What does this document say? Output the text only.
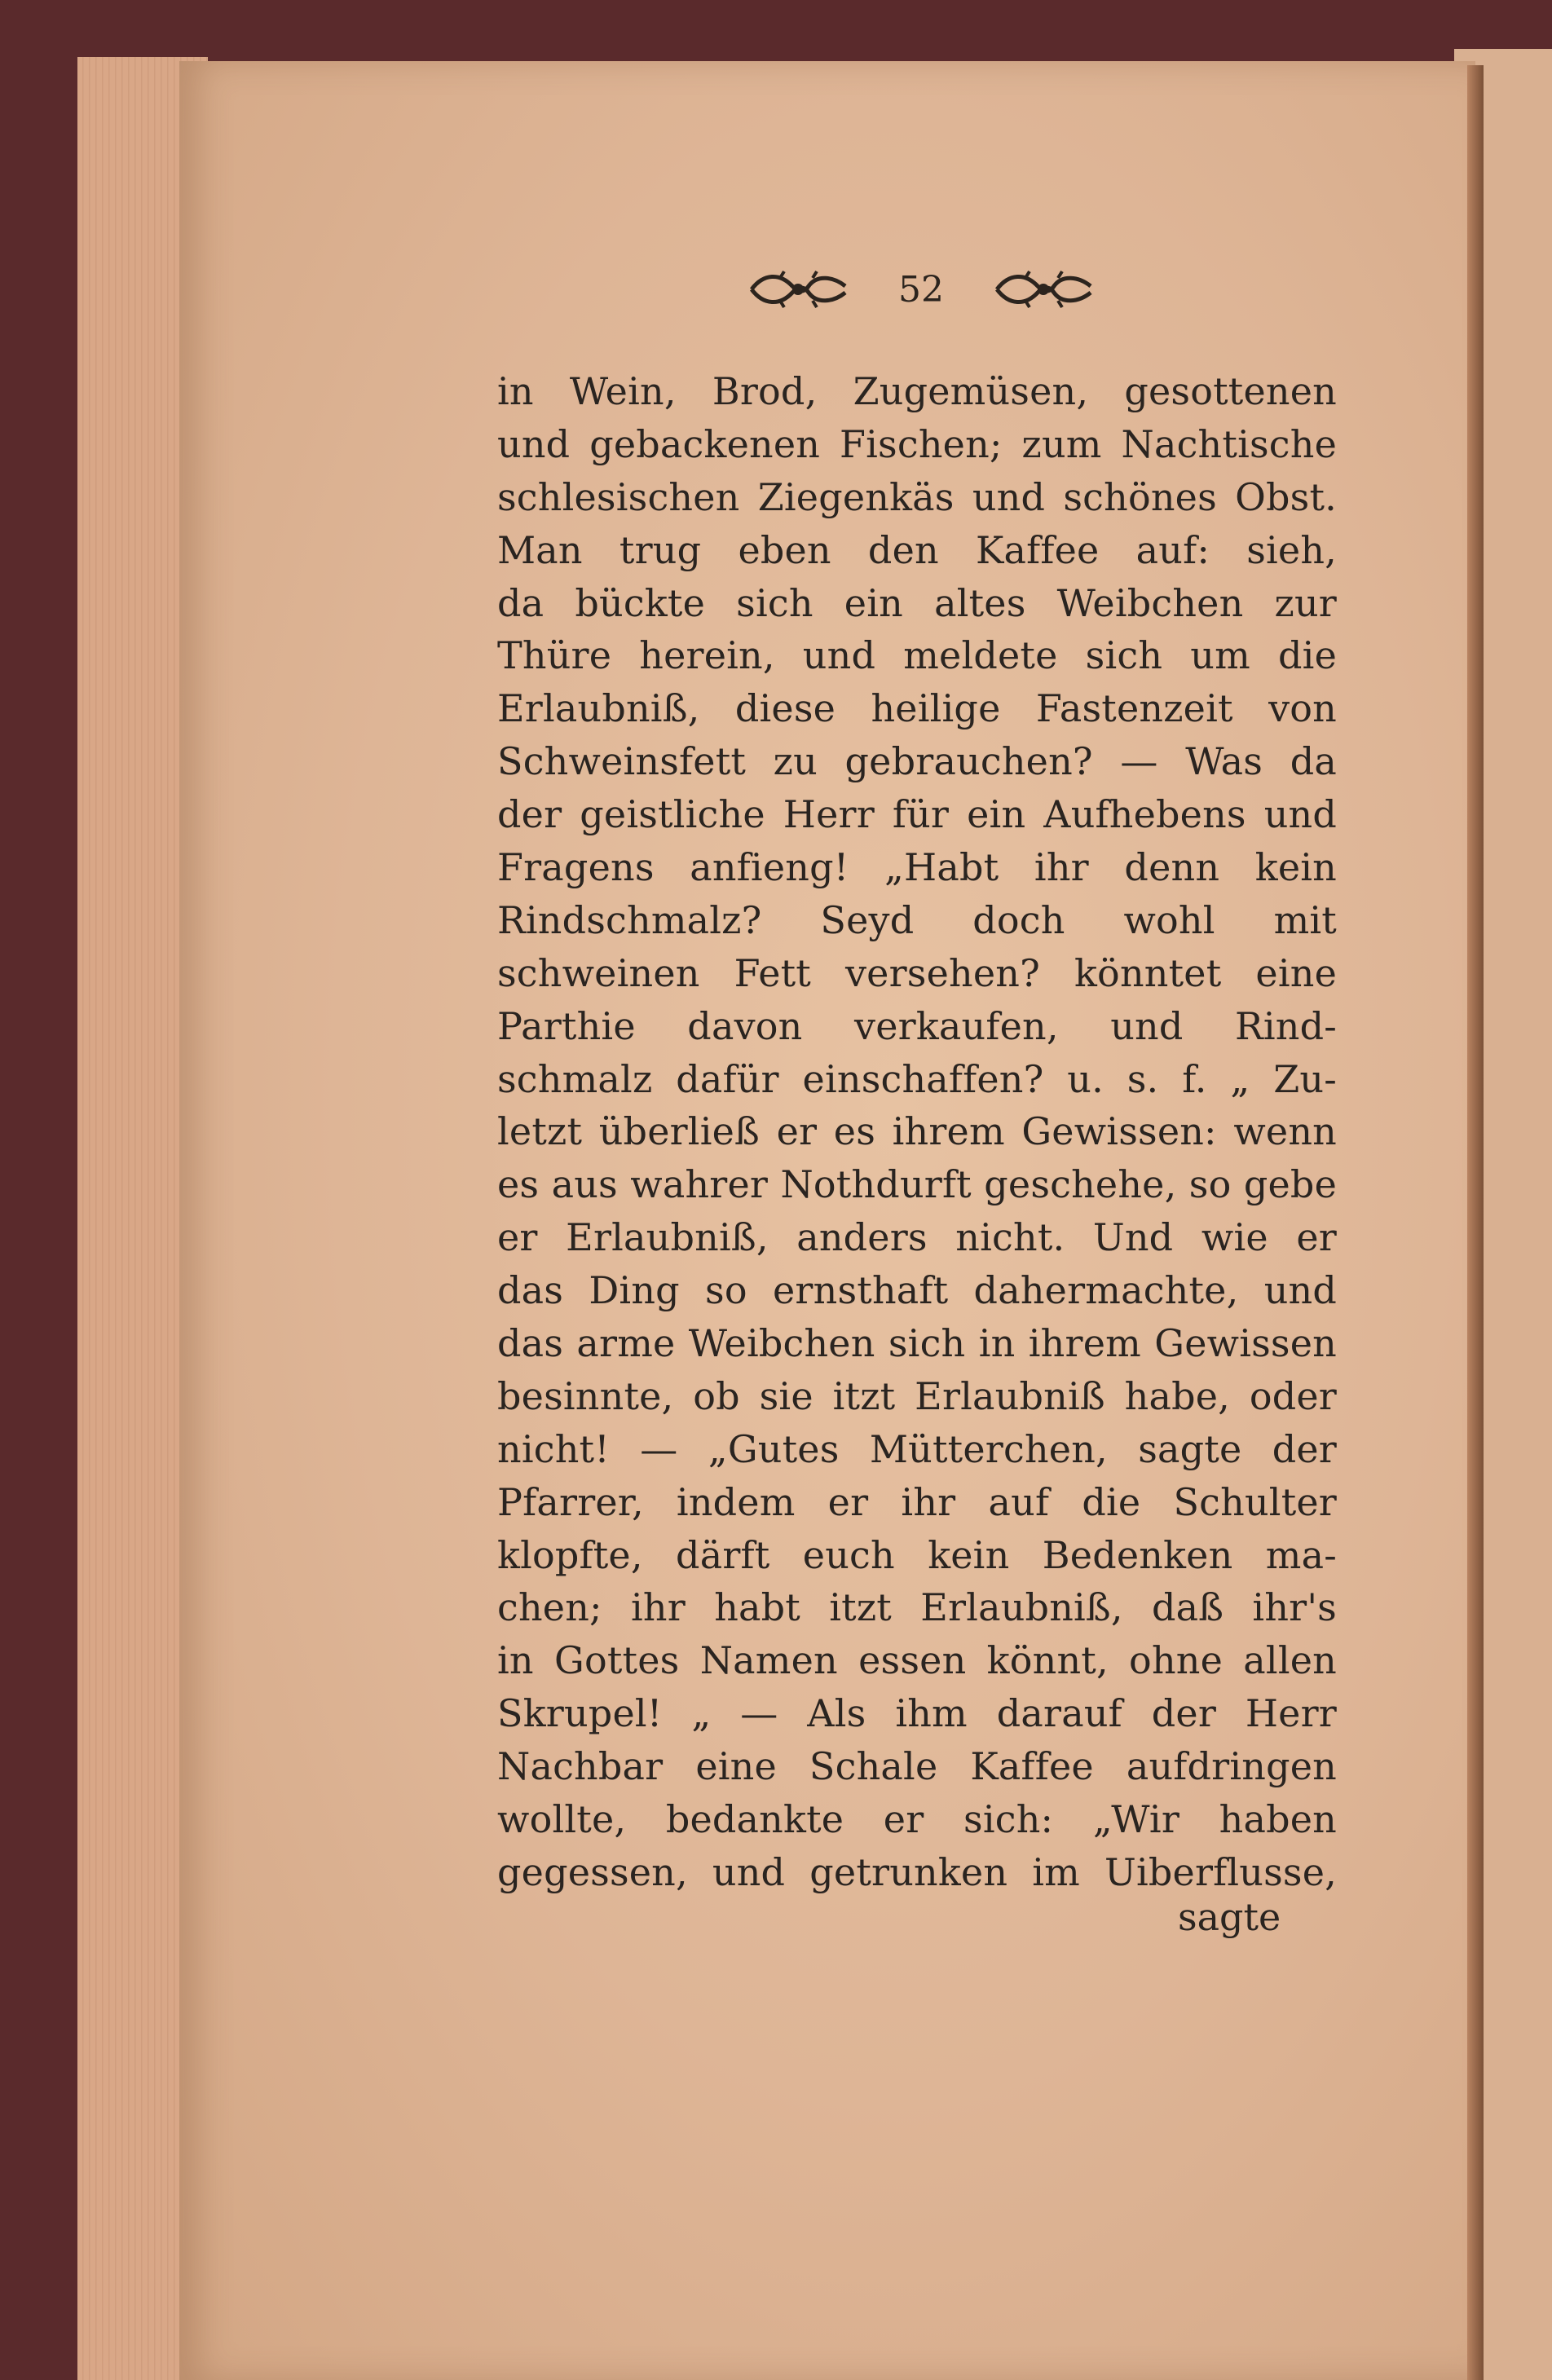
52
in Wein, Brod, Zugemüsen, gesottenen
und gebackenen Fischen; zum Nachtische
schlesischen Ziegenkäs und schönes Obst.
Man trug eben den Kaffee auf: sieh,
da bückte sich ein altes Weibchen zur
Thüre herein, und meldete sich um die
Erlaubniß, diese heilige Fastenzeit von
Schweinsfett zu gebrauchen? — Was da
der geistliche Herr für ein Aufhebens und
Fragens anfieng! „Habt ihr denn kein
Rindschmalz? Seyd doch wohl mit
schweinen Fett versehen? könntet eine
Parthie davon verkaufen, und Rind-
schmalz dafür einschaffen? u. s. f. „ Zu-
letzt überließ er es ihrem Gewissen: wenn
es aus wahrer Nothdurft geschehe, so gebe
er Erlaubniß, anders nicht. Und wie er
das Ding so ernsthaft dahermachte, und
das arme Weibchen sich in ihrem Gewissen
besinnte, ob sie itzt Erlaubniß habe, oder
nicht! — „Gutes Mütterchen, sagte der
Pfarrer, indem er ihr auf die Schulter
klopfte, därft euch kein Bedenken ma-
chen; ihr habt itzt Erlaubniß, daß ihr's
in Gottes Namen essen könnt, ohne allen
Skrupel! „ — Als ihm darauf der Herr
Nachbar eine Schale Kaffee aufdringen
wollte, bedankte er sich: „Wir haben
gegessen, und getrunken im Uiberflusse,
sagte
